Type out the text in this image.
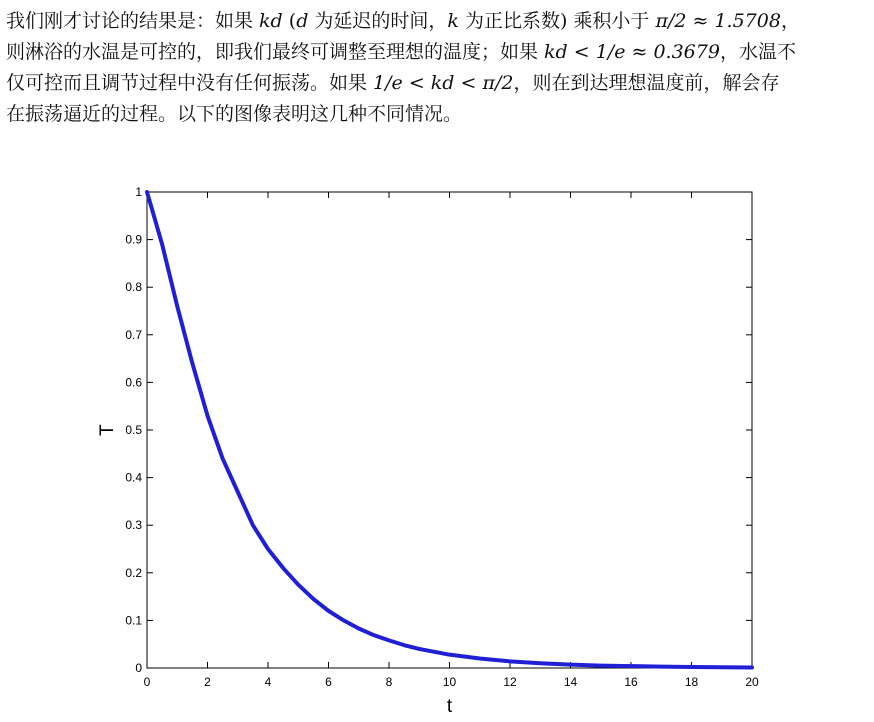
我们刚才讨论的结果是：如果 kd (d 为延迟的时间，k 为正比系数) 乘积小于 π/2 ≈ 1.5708，
则淋浴的水温是可控的，即我们最终可调整至理想的温度；如果 kd < 1/e ≈ 0.3679，水温不
仅可控而且调节过程中没有任何振荡。如果 1/e < kd < π/2，则在到达理想温度前，解会存
在振荡逼近的过程。以下的图像表明这几种不同情况。
0	2	4	6	8	10	12	14	16	18	20
0
0.1
0.2
0.3
0.4
0.5
0.6
0.7
0.8
0.9
1
t
T
